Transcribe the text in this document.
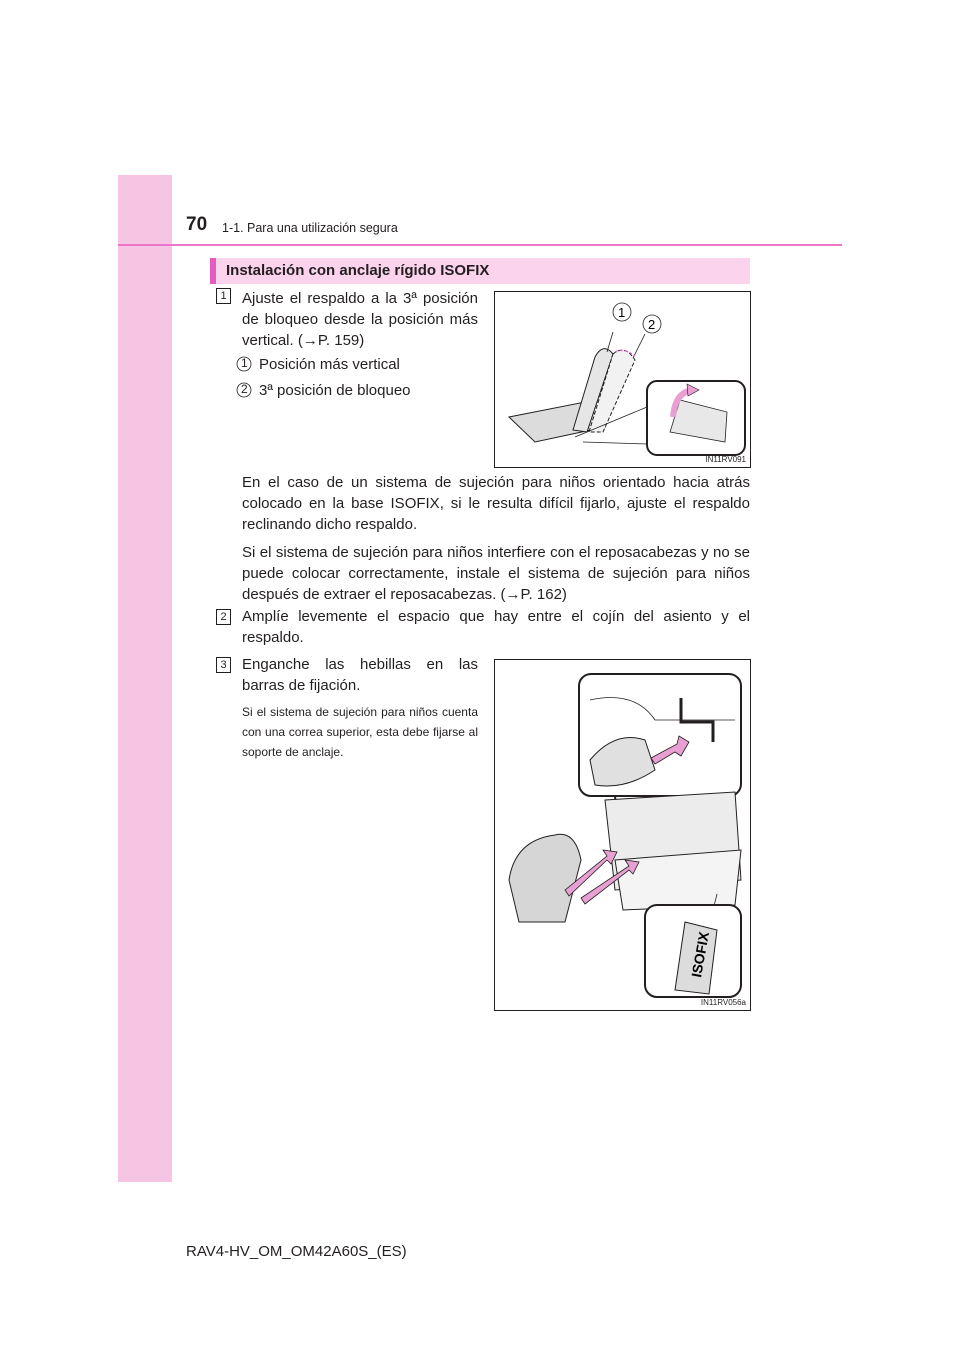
70 1-1. Para una utilización segura
Instalación con anclaje rígido ISOFIX
1 Ajuste el respaldo a la 3ª posición de bloqueo desde la posición más vertical. (→P. 159)

1 Posición más vertical
2 3ª posición de bloqueo
1
2
IN11RV091

En el caso de un sistema de sujeción para niños orientado hacia atrás colocado en la base ISOFIX, si le resulta difícil fijarlo, ajuste el respaldo reclinando dicho respaldo.

Si el sistema de sujeción para niños interfiere con el reposacabezas y no se puede colocar correctamente, instale el sistema de sujeción para niños después de extraer el reposacabezas. (→P. 162)

2 Amplíe levemente el espacio que hay entre el cojín del asiento y el respaldo.

3 Enganche las hebillas en las barras de fijación.

Si el sistema de sujeción para niños cuenta con una correa superior, esta debe fijarse al soporte de anclaje.

ISOFIX
IN11RV056a
RAV4-HV_OM_OM42A60S_(ES)
